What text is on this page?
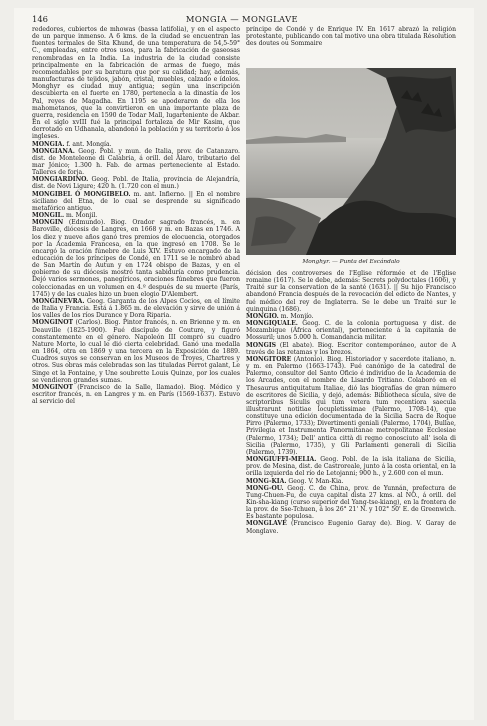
146	MONGIA — MONGLAVE

rededores, cubiertos de mhowas (bassa latifolia), y en el aspecto de un parque inmenso. A 6 kms. de la ciudad se encuentran las fuentes termales de Sita Khund, de una temperatura de 54,5-59° C., empleadas, entre otros usos, para la fabricación de gaseosas renombradas en la India. La industria de la ciudad consiste principalmente en la fabricación de armas de fuego, más recomendables por su baratura que por su calidad; hay, además, manufacturas de tejidos, jabón, cristal, muebles, calzado e ídolos. Monghyr es ciudad muy antigua; según una inscripción descubierta en el fuerte en 1780, pertenecía a la dinastía de los Pal, reyes de Magadha. En 1195 se apoderaron de ella los mahometanos, que la convirtieron en una importante plaza de guerra, residencia en 1590 de Todar Mall, lugarteniente de Akbar. En el siglo xvIII fué la principal fortaleza de Mir Kasim, que derrotado en Udhanala, abandonó la población y su territorio á los ingleses.

MONGIA. f. ant. Mongía.

MONGIANA. Geog. Pobl. y mun. de Italia, prov. de Catanzaro. dist. de Monteleone di Calabria, á orill. del Alaro, tributario del mar Jónico; 1.300 h. Fab. de armas perteneciente al Estado. Talleres de forja.

MONGIARDINO. Geog. Pobl. de Italia, provincia de Alejandría, dist. de Novi Ligure; 420 h. (1.720 con el mun.)

MONGIBEL Ó MONGIBELO. m. ant. Infierno. || En el nombre siciliano del Etna, de lo cual se desprende su significado metafórico antiguo.

MONGIL. m. Monjil.

MONGIN (Edmundo). Biog. Orador sagrado francés, n. en Baroville, diócesis de Langres, en 1668 y m. en Bazas en 1746. A los diez y nueve años ganó tres premios de elocuencia, otorgados por la Academia Francesa, en la que ingresó en 1708. Se le encargó la oración fúnebre de Luis XIV. Estuvo encargado de la educación de los príncipes de Condé, en 1711 se le nombró abad de San Martín de Autun y en 1724 obispo de Bazas, y en el gobierno de su diócesis mostró tanta sabiduría como prudencia. Dejó varios sermones, panegíricos, oraciones fúnebres que fueron coleccionadas en un volumen en 4.º después de su muerte (París, 1745) y de las cuales hizo un buen elogio D'Alembert.

MONGINEVRA. Geog. Garganta de los Alpes Cocios, en el límite de Italia y Francia. Está á 1.865 m. de elevación y sirve de unión á los valles de los ríos Durance y Dora Riparia.

MONGINOT (Carlos). Biog. Pintor francés, n. en Brienne y m. en Deauville (1825-1900). Fué discípulo de Couture, y figuró constantemente en el género. Napoleón III compró su cuadro Nature Morte, lo cual le dió cierta celebridad. Ganó una medalla en 1864, otra en 1869 y una tercera en la Exposición de 1889. Cuadros suyos se conservan en los Museos de Troyes, Chartres y otros. Sus obras más celebradas son las tituladas Perrot galant, Le Singe et la Fontaine, y Une soubrette Louis Quinze, por los cuales se vendieron grandes sumas.

MONGINOT (Francisco de la Salle, llamado). Biog. Médico y escritor francés, n. en Langres y m. en París (1569-1637). Estuvo al servicio del

príncipe de Condé y de Enrique IV. En 1617 abrazó la religión protestante, publicando con tal motivo una obra titulada Résolution des doutes ou Sommaire

Monghyr. — Punta del Escándalo

décision des controverses de l'Eglise réformée et de l'Eglise romaine (1617). Se le debe, además: Secrets polydoctales (1606), y Traité sur la conservation de la santé (1631). || Su hijo Francisco abandonó Francia después de la revocación del edicto de Nantes, y fué médico del rey de Inglaterra. Se le debe un Traité sur le quinquina (1686).

MONGIO. m. Monjío.

MONGIQUALE. Geog. C. de la colonia portuguesa y dist. de Mozambique (África oriental), perteneciente á la capitanía de Mossuril; unos 5.000 h. Comandancia militar.

MONGIS (El abate). Biog. Escritor contemporáneo, autor de A través de las retamas y los brezos.

MONGITORE (Antonio). Biog. Historiador y sacerdote italiano, n. y m. en Palermo (1663-1743). Fué canónigo de la catedral de Palermo, consultor del Santo Oficio é individuo de la Academia de los Arcades, con el nombre de Lisardo Tritiano. Colaboró en el Thesaurus antiquitatum Italiae, dió las biografías de gran número de escritores de Sicilia, y dejó, además: Bibliotheca sicula, sive de scriptoribus Siculis qui tum vetera tum recentiora saecula illustrarunt notitiae locupletissimae (Palermo, 1708-14), que constituye una edición documentada de la Sicilia Sacra de Roque Pirro (Palermo, 1733); Divertimenti geniali (Palermo, 1704), Bullae, Privilegia et Instrumenta Panormitanae metropolitanae Ecclesiae (Palermo, 1734); Dell' antica città di regno conosciuto all' isola di Sicilia (Palermo, 1735), y Gli Parlamenti generali di Sicilia (Palermo, 1739).

MONGIUFFI-MELIA. Geog. Pobl. de la isla italiana de Sicilia, prov. de Mesina, dist. de Castroreale, junto á la costa oriental, en la orilla izquierda del río de Letojanni; 900 h., y 2.600 con el mun.

MONG-KIA. Geog. V. Man-Kia.

MONG-OU. Geog. C. de China, prov. de Yunnán, prefectura de Tung-Chuen-Fu, de cuya capital dista 27 kms. al NO., á orill. del Kin-sha-kiang (curso superior del Yang-tse-kiang), en la frontera de la prov. de Sse-Tchuen, á los 26° 21' N. y 102° 50' E. de Greenwich. Es bastante populosa.

MONGLAVE (Francisco Eugenio Garay de). Biog. V. Garay de Monglave.
